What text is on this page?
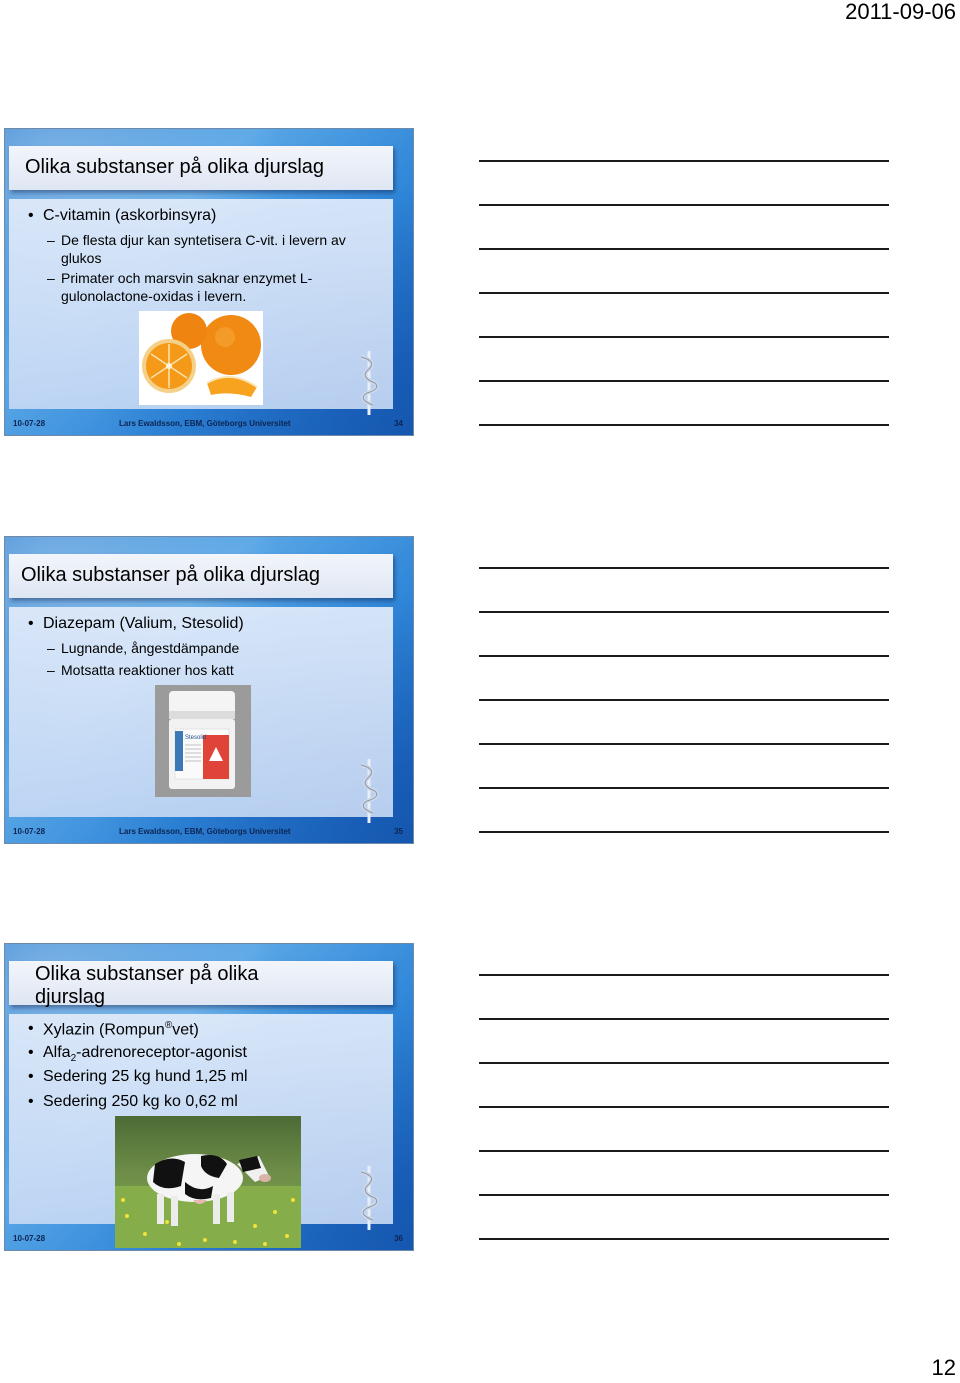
2011-09-06
Olika substanser på olika djurslag
• C-vitamin (askorbinsyra)
– De flesta djur kan syntetisera C-vit. i levern av glukos
– Primater och marsvin saknar enzymet L-gulonolactone-oxidas i levern.
10-07-28	Lars Ewaldsson, EBM, Göteborgs Universitet	34
Olika substanser på olika djurslag
• Diazepam (Valium, Stesolid)
– Lugnande, ångestdämpande
– Motsatta reaktioner hos katt
Stesolid
10-07-28	Lars Ewaldsson, EBM, Göteborgs Universitet	35
Olika substanser på olika djurslag
• Xylazin (Rompun®vet)
• Alfa$_2$-adrenoreceptor-agonist
• Sedering 25 kg hund 1,25 ml
• Sedering 250 kg ko 0,62 ml
10-07-28	36
12
